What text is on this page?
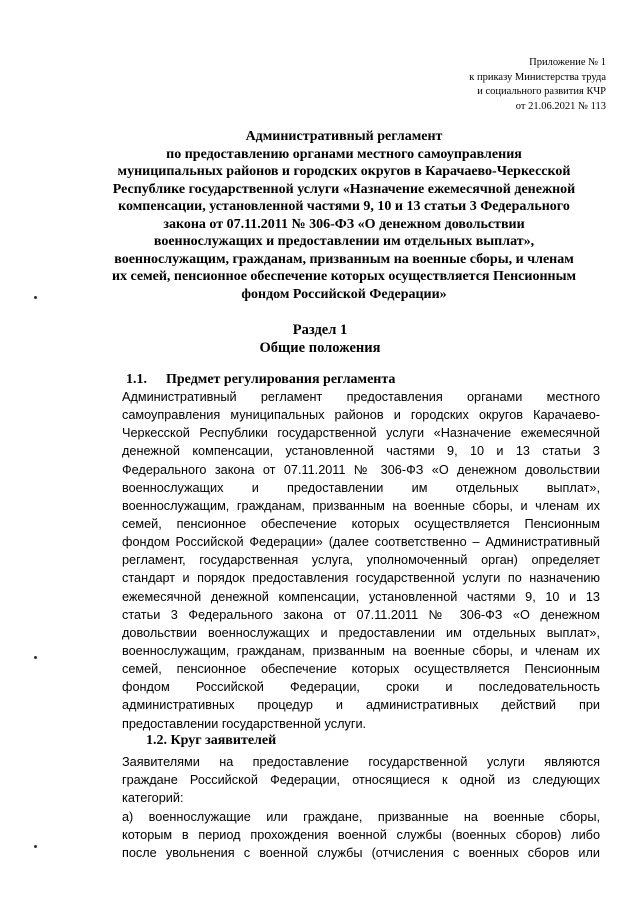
Приложение № 1
к приказу Министерства труда
и социального развития КЧР
от 21.06.2021 № 113
Административный регламент
по предоставлению органами местного самоуправления
муниципальных районов и городских округов в Карачаево-Черкесской
Республике государственной услуги «Назначение ежемесячной денежной
компенсации, установленной частями 9, 10 и 13 статьи 3 Федерального
закона от 07.11.2011 № 306-ФЗ «О денежном довольствии
военнослужащих и предоставлении им отдельных выплат»,
военнослужащим, гражданам, призванным на военные сборы, и членам
их семей, пенсионное обеспечение которых осуществляется Пенсионным
фондом Российской Федерации»
Раздел 1
Общие положения
1.1. Предмет регулирования регламента
Административный регламент предоставления органами местного
самоуправления муниципальных районов и городских округов Карачаево-
Черкесской Республики государственной услуги «Назначение ежемесячной
денежной компенсации, установленной частями 9, 10 и 13 статьи 3
Федерального закона от 07.11.2011 № 306-ФЗ «О денежном довольствии
военнослужащих и предоставлении им отдельных выплат»,
военнослужащим, гражданам, призванным на военные сборы, и членам их
семей, пенсионное обеспечение которых осуществляется Пенсионным
фондом Российской Федерации» (далее соответственно – Административный
регламент, государственная услуга, уполномоченный орган) определяет
стандарт и порядок предоставления государственной услуги по назначению
ежемесячной денежной компенсации, установленной частями 9, 10 и 13
статьи 3 Федерального закона от 07.11.2011 № 306-ФЗ «О денежном
довольствии военнослужащих и предоставлении им отдельных выплат»,
военнослужащим, гражданам, призванным на военные сборы, и членам их
семей, пенсионное обеспечение которых осуществляется Пенсионным
фондом Российской Федерации, сроки и последовательность
административных процедур и административных действий при
предоставлении государственной услуги.
1.2. Круг заявителей
Заявителями на предоставление государственной услуги являются
граждане Российской Федерации, относящиеся к одной из следующих
категорий:
а) военнослужащие или граждане, призванные на военные сборы,
которым в период прохождения военной службы (военных сборов) либо
после увольнения с военной службы (отчисления с военных сборов или
